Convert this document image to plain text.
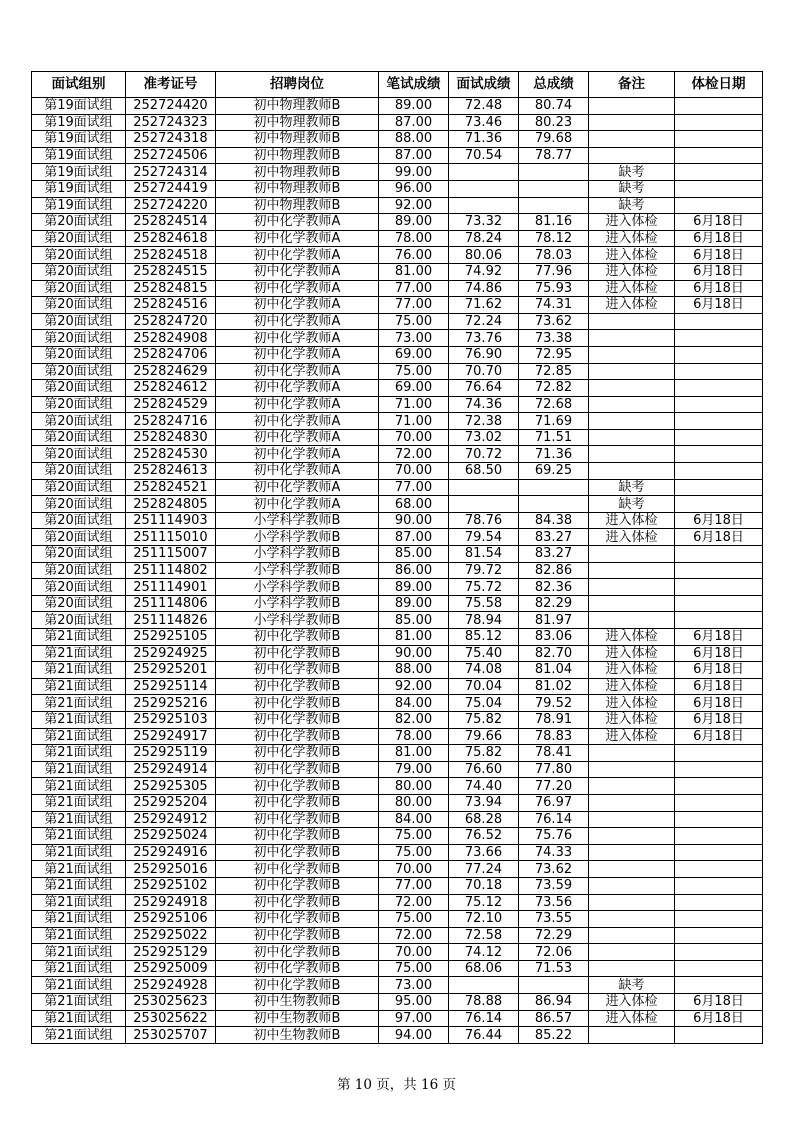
面试组别	准考证号	招聘岗位	笔试成绩	面试成绩	总成绩	备注	体检日期
第19面试组	252724420	初中物理教师B	89.00	72.48	80.74		
第19面试组	252724323	初中物理教师B	87.00	73.46	80.23		
第19面试组	252724318	初中物理教师B	88.00	71.36	79.68		
第19面试组	252724506	初中物理教师B	87.00	70.54	78.77		
第19面试组	252724314	初中物理教师B	99.00			缺考	
第19面试组	252724419	初中物理教师B	96.00			缺考	
第19面试组	252724220	初中物理教师B	92.00			缺考	
第20面试组	252824514	初中化学教师A	89.00	73.32	81.16	进入体检	6月18日
第20面试组	252824618	初中化学教师A	78.00	78.24	78.12	进入体检	6月18日
第20面试组	252824518	初中化学教师A	76.00	80.06	78.03	进入体检	6月18日
第20面试组	252824515	初中化学教师A	81.00	74.92	77.96	进入体检	6月18日
第20面试组	252824815	初中化学教师A	77.00	74.86	75.93	进入体检	6月18日
第20面试组	252824516	初中化学教师A	77.00	71.62	74.31	进入体检	6月18日
第20面试组	252824720	初中化学教师A	75.00	72.24	73.62		
第20面试组	252824908	初中化学教师A	73.00	73.76	73.38		
第20面试组	252824706	初中化学教师A	69.00	76.90	72.95		
第20面试组	252824629	初中化学教师A	75.00	70.70	72.85		
第20面试组	252824612	初中化学教师A	69.00	76.64	72.82		
第20面试组	252824529	初中化学教师A	71.00	74.36	72.68		
第20面试组	252824716	初中化学教师A	71.00	72.38	71.69		
第20面试组	252824830	初中化学教师A	70.00	73.02	71.51		
第20面试组	252824530	初中化学教师A	72.00	70.72	71.36		
第20面试组	252824613	初中化学教师A	70.00	68.50	69.25		
第20面试组	252824521	初中化学教师A	77.00			缺考	
第20面试组	252824805	初中化学教师A	68.00			缺考	
第20面试组	251114903	小学科学教师B	90.00	78.76	84.38	进入体检	6月18日
第20面试组	251115010	小学科学教师B	87.00	79.54	83.27	进入体检	6月18日
第20面试组	251115007	小学科学教师B	85.00	81.54	83.27		
第20面试组	251114802	小学科学教师B	86.00	79.72	82.86		
第20面试组	251114901	小学科学教师B	89.00	75.72	82.36		
第20面试组	251114806	小学科学教师B	89.00	75.58	82.29		
第20面试组	251114826	小学科学教师B	85.00	78.94	81.97		
第21面试组	252925105	初中化学教师B	81.00	85.12	83.06	进入体检	6月18日
第21面试组	252924925	初中化学教师B	90.00	75.40	82.70	进入体检	6月18日
第21面试组	252925201	初中化学教师B	88.00	74.08	81.04	进入体检	6月18日
第21面试组	252925114	初中化学教师B	92.00	70.04	81.02	进入体检	6月18日
第21面试组	252925216	初中化学教师B	84.00	75.04	79.52	进入体检	6月18日
第21面试组	252925103	初中化学教师B	82.00	75.82	78.91	进入体检	6月18日
第21面试组	252924917	初中化学教师B	78.00	79.66	78.83	进入体检	6月18日
第21面试组	252925119	初中化学教师B	81.00	75.82	78.41		
第21面试组	252924914	初中化学教师B	79.00	76.60	77.80		
第21面试组	252925305	初中化学教师B	80.00	74.40	77.20		
第21面试组	252925204	初中化学教师B	80.00	73.94	76.97		
第21面试组	252924912	初中化学教师B	84.00	68.28	76.14		
第21面试组	252925024	初中化学教师B	75.00	76.52	75.76		
第21面试组	252924916	初中化学教师B	75.00	73.66	74.33		
第21面试组	252925016	初中化学教师B	70.00	77.24	73.62		
第21面试组	252925102	初中化学教师B	77.00	70.18	73.59		
第21面试组	252924918	初中化学教师B	72.00	75.12	73.56		
第21面试组	252925106	初中化学教师B	75.00	72.10	73.55		
第21面试组	252925022	初中化学教师B	72.00	72.58	72.29		
第21面试组	252925129	初中化学教师B	70.00	74.12	72.06		
第21面试组	252925009	初中化学教师B	75.00	68.06	71.53		
第21面试组	252924928	初中化学教师B	73.00			缺考	
第21面试组	253025623	初中生物教师B	95.00	78.88	86.94	进入体检	6月18日
第21面试组	253025622	初中生物教师B	97.00	76.14	86.57	进入体检	6月18日
第21面试组	253025707	初中生物教师B	94.00	76.44	85.22		
第 10 页，共 16 页
